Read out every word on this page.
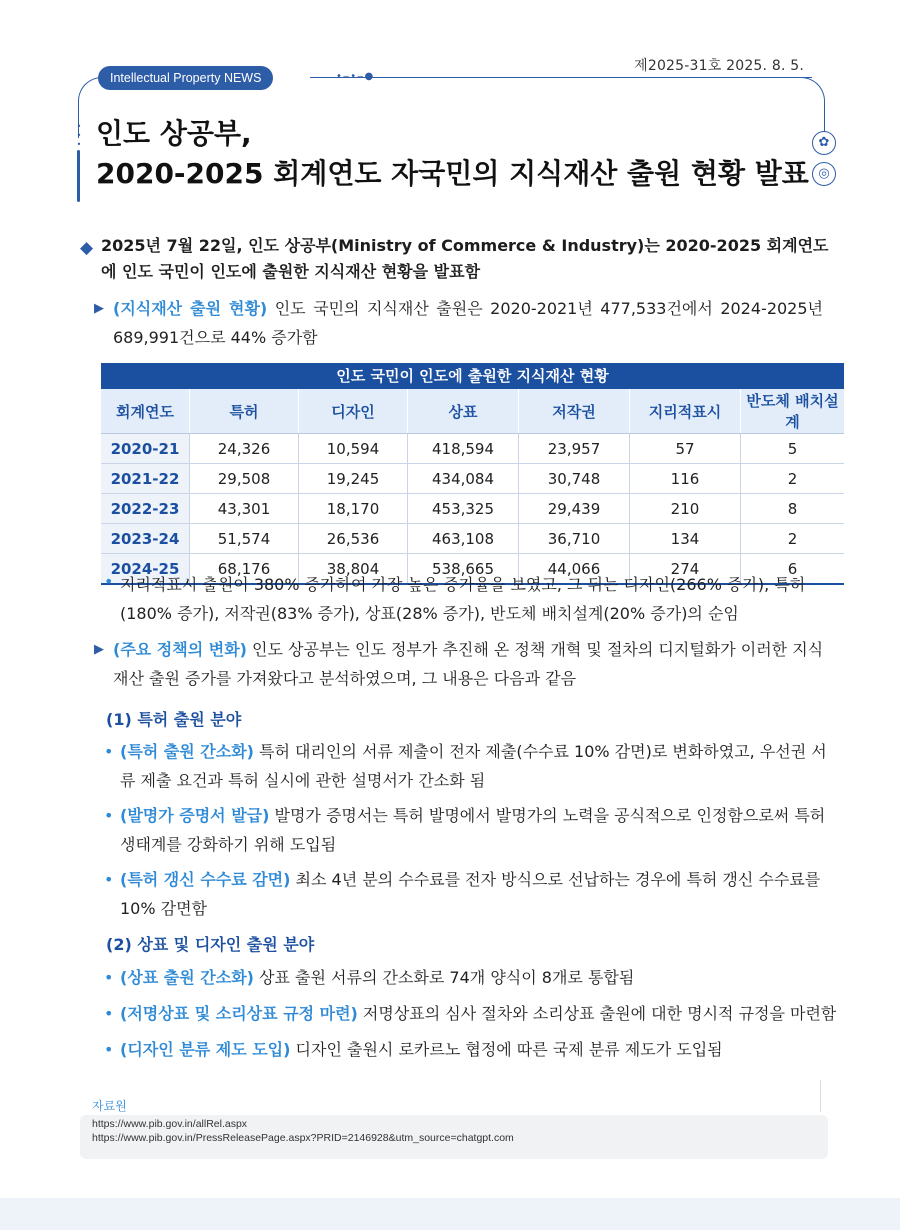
제2025-31호 2025. 8. 5.
•‒•‒●
Intellectual Property NEWS
•
•
• 인도 상공부,
2020-2025 회계연도 자국민의 지식재산 출원 현황 발표
✿
◎
◆ 2025년 7월 22일, 인도 상공부(Ministry of Commerce & Industry)는 2020-2025 회계연도에 인도 국민이 인도에 출원한 지식재산 현황을 발표함

▶ (지식재산 출원 현황) 인도 국민의 지식재산 출원은 2020-2021년 477,533건에서 2024-2025년 689,991건으로 44% 증가함

인도 국민이 인도에 출원한 지식재산 현황
회계연도	특허	디자인	상표	저작권	지리적표시	반도체 배치설계
2020-21	24,326	10,594	418,594	23,957	57	5
2021-22	29,508	19,245	434,084	30,748	116	2
2022-23	43,301	18,170	453,325	29,439	210	8
2023-24	51,574	26,536	463,108	36,710	134	2
2024-25	68,176	38,804	538,665	44,066	274	6
• 지리적표시 출원이 380% 증가하여 가장 높은 증가율을 보였고, 그 뒤는 디자인(266% 증가), 특허(180% 증가), 저작권(83% 증가), 상표(28% 증가), 반도체 배치설계(20% 증가)의 순임

▶ (주요 정책의 변화) 인도 상공부는 인도 정부가 추진해 온 정책 개혁 및 절차의 디지털화가 이러한 지식재산 출원 증가를 가져왔다고 분석하였으며, 그 내용은 다음과 같음

(1) 특허 출원 분야

• (특허 출원 간소화) 특허 대리인의 서류 제출이 전자 제출(수수료 10% 감면)로 변화하였고, 우선권 서류 제출 요건과 특허 실시에 관한 설명서가 간소화 됨

• (발명가 증명서 발급) 발명가 증명서는 특허 발명에서 발명가의 노력을 공식적으로 인정함으로써 특허 생태계를 강화하기 위해 도입됨

• (특허 갱신 수수료 감면) 최소 4년 분의 수수료를 전자 방식으로 선납하는 경우에 특허 갱신 수수료를 10% 감면함

(2) 상표 및 디자인 출원 분야

• (상표 출원 간소화) 상표 출원 서류의 간소화로 74개 양식이 8개로 통합됨

• (저명상표 및 소리상표 규정 마련) 저명상표의 심사 절차와 소리상표 출원에 대한 명시적 규정을 마련함

• (디자인 분류 제도 도입) 디자인 출원시 로카르노 협정에 따른 국제 분류 제도가 도입됨

자료원
https://www.pib.gov.in/allRel.aspx
https://www.pib.gov.in/PressReleasePage.aspx?PRID=2146928&utm_source=chatgpt.com
